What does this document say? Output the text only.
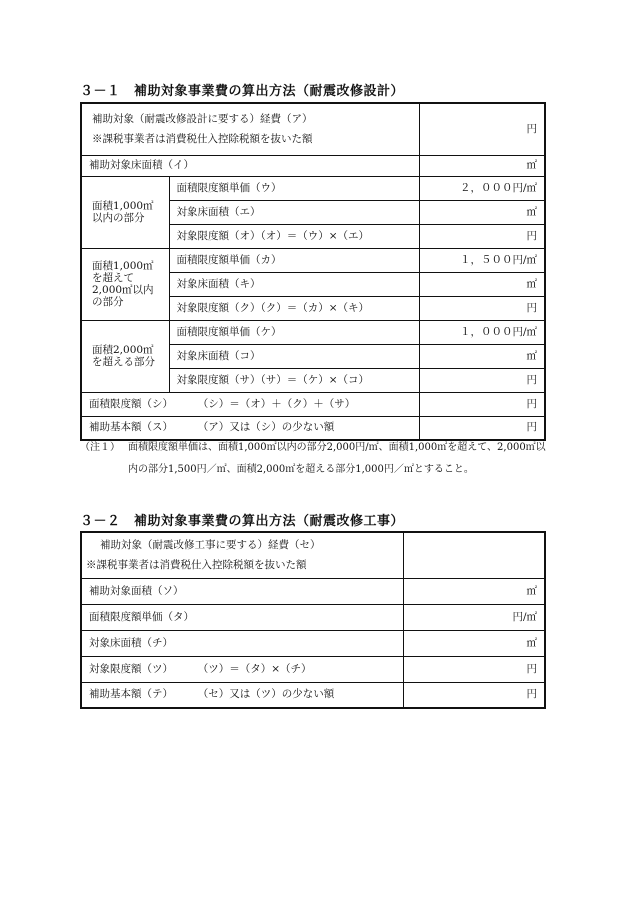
３－１　補助対象事業費の算出方法（耐震改修設計）
補助対象（耐震改修設計に要する）経費（ア）
※課税事業者は消費税仕入控除税額を抜いた額		円
補助対象床面積（イ）		㎡
面積1,000㎡以内の部分	面積限度額単価（ウ）	２，０００円/㎡
	対象床面積（エ）	㎡
	対象限度額（オ）（オ）＝（ウ）×（エ）	円
面積1,000㎡を超えて2,000㎡以内の部分	面積限度額単価（カ）	１，５００円/㎡
	対象床面積（キ）	㎡
	対象限度額（ク）（ク）＝（カ）×（キ）	円
面積2,000㎡を超える部分	面積限度額単価（ケ）	１，０００円/㎡
	対象床面積（コ）	㎡
	対象限度額（サ）（サ）＝（ケ）×（コ）	円
面積限度額（シ） （シ）＝（オ）＋（ク）＋（サ）		円
補助基本額（ス） （ア）又は（シ）の少ない額		円
（注１） 面積限度額単価は、面積1,000㎡以内の部分2,000円/㎡、面積1,000㎡を超えて、2,000㎡以内の部分1,500円／㎡、面積2,000㎡を超える部分1,000円／㎡とすること。
３－２　補助対象事業費の算出方法（耐震改修工事）
補助対象（耐震改修工事に要する）経費（セ）
※課税事業者は消費税仕入控除税額を抜いた額	

補助対象面積（ソ）	㎡
面積限度額単価（タ）	円/㎡
対象床面積（チ）	㎡
対象限度額（ツ） （ツ）＝（タ）×（チ）	円
補助基本額（テ） （セ）又は（ツ）の少ない額	円
